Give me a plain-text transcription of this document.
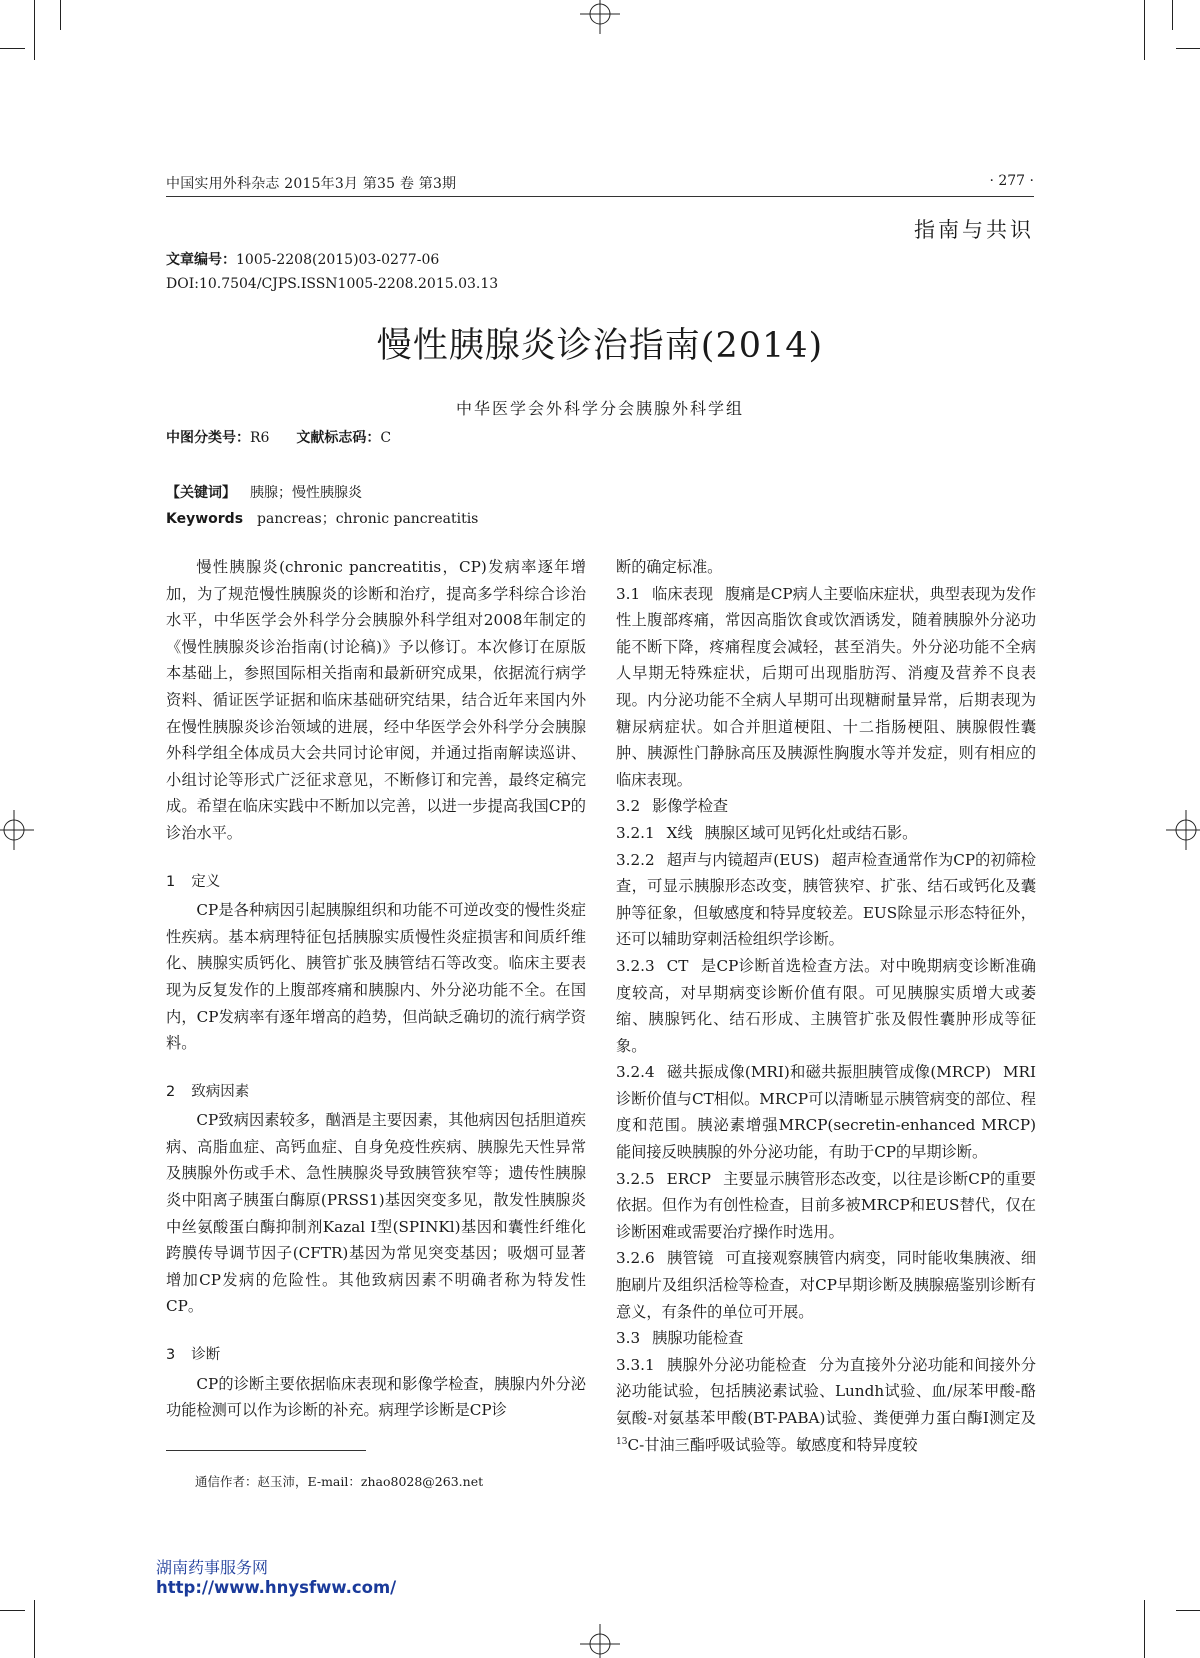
中国实用外科杂志 2015年3月 第35 卷 第3期	· 277 ·
指南与共识
文章编号：1005-2208(2015)03-0277-06
DOI:10.7504/CJPS.ISSN1005-2208.2015.03.13
慢性胰腺炎诊治指南(2014)
中华医学会外科学分会胰腺外科学组
中图分类号：R6 文献标志码：C
【关键词】 胰腺；慢性胰腺炎
Keywords pancreas；chronic pancreatitis

慢性胰腺炎(chronic pancreatitis，CP)发病率逐年增加，为了规范慢性胰腺炎的诊断和治疗，提高多学科综合诊治水平，中华医学会外科学分会胰腺外科学组对2008年制定的《慢性胰腺炎诊治指南(讨论稿)》予以修订。本次修订在原版本基础上，参照国际相关指南和最新研究成果，依据流行病学资料、循证医学证据和临床基础研究结果，结合近年来国内外在慢性胰腺炎诊治领域的进展，经中华医学会外科学分会胰腺外科学组全体成员大会共同讨论审阅，并通过指南解读巡讲、小组讨论等形式广泛征求意见，不断修订和完善，最终定稿完成。希望在临床实践中不断加以完善，以进一步提高我国CP的诊治水平。

1 定义

CP是各种病因引起胰腺组织和功能不可逆改变的慢性炎症性疾病。基本病理特征包括胰腺实质慢性炎症损害和间质纤维化、胰腺实质钙化、胰管扩张及胰管结石等改变。临床主要表现为反复发作的上腹部疼痛和胰腺内、外分泌功能不全。在国内，CP发病率有逐年增高的趋势，但尚缺乏确切的流行病学资料。

2 致病因素

CP致病因素较多，酗酒是主要因素，其他病因包括胆道疾病、高脂血症、高钙血症、自身免疫性疾病、胰腺先天性异常及胰腺外伤或手术、急性胰腺炎导致胰管狭窄等；遗传性胰腺炎中阳离子胰蛋白酶原(PRSS1)基因突变多见，散发性胰腺炎中丝氨酸蛋白酶抑制剂Kazal Ⅰ型(SPINKl)基因和囊性纤维化跨膜传导调节因子(CFTR)基因为常见突变基因；吸烟可显著增加CP发病的危险性。其他致病因素不明确者称为特发性CP。

3 诊断

CP的诊断主要依据临床表现和影像学检查，胰腺内外分泌功能检测可以作为诊断的补充。病理学诊断是CP诊

断的确定标准。

3.1 临床表现 腹痛是CP病人主要临床症状，典型表现为发作性上腹部疼痛，常因高脂饮食或饮酒诱发，随着胰腺外分泌功能不断下降，疼痛程度会减轻，甚至消失。外分泌功能不全病人早期无特殊症状，后期可出现脂肪泻、消瘦及营养不良表现。内分泌功能不全病人早期可出现糖耐量异常，后期表现为糖尿病症状。如合并胆道梗阻、十二指肠梗阻、胰腺假性囊肿、胰源性门静脉高压及胰源性胸腹水等并发症，则有相应的临床表现。

3.2 影像学检查

3.2.1 X线 胰腺区域可见钙化灶或结石影。

3.2.2 超声与内镜超声(EUS) 超声检查通常作为CP的初筛检查，可显示胰腺形态改变，胰管狭窄、扩张、结石或钙化及囊肿等征象，但敏感度和特异度较差。EUS除显示形态特征外，还可以辅助穿刺活检组织学诊断。

3.2.3 CT 是CP诊断首选检查方法。对中晚期病变诊断准确度较高，对早期病变诊断价值有限。可见胰腺实质增大或萎缩、胰腺钙化、结石形成、主胰管扩张及假性囊肿形成等征象。

3.2.4 磁共振成像(MRI)和磁共振胆胰管成像(MRCP) MRI诊断价值与CT相似。MRCP可以清晰显示胰管病变的部位、程度和范围。胰泌素增强MRCP(secretin-enhanced MRCP)能间接反映胰腺的外分泌功能，有助于CP的早期诊断。

3.2.5 ERCP 主要显示胰管形态改变，以往是诊断CP的重要依据。但作为有创性检查，目前多被MRCP和EUS替代，仅在诊断困难或需要治疗操作时选用。

3.2.6 胰管镜 可直接观察胰管内病变，同时能收集胰液、细胞刷片及组织活检等检查，对CP早期诊断及胰腺癌鉴别诊断有意义，有条件的单位可开展。

3.3 胰腺功能检查

3.3.1 胰腺外分泌功能检查 分为直接外分泌功能和间接外分泌功能试验，包括胰泌素试验、Lundh试验、血/尿苯甲酸-酪氨酸-对氨基苯甲酸(BT-PABA)试验、粪便弹力蛋白酶Ⅰ测定及$^{13}$C-甘油三酯呼吸试验等。敏感度和特异度较

通信作者：赵玉沛，E-mail：zhao8028@263.net
湖南药事服务网
http://www.hnysfww.com/
